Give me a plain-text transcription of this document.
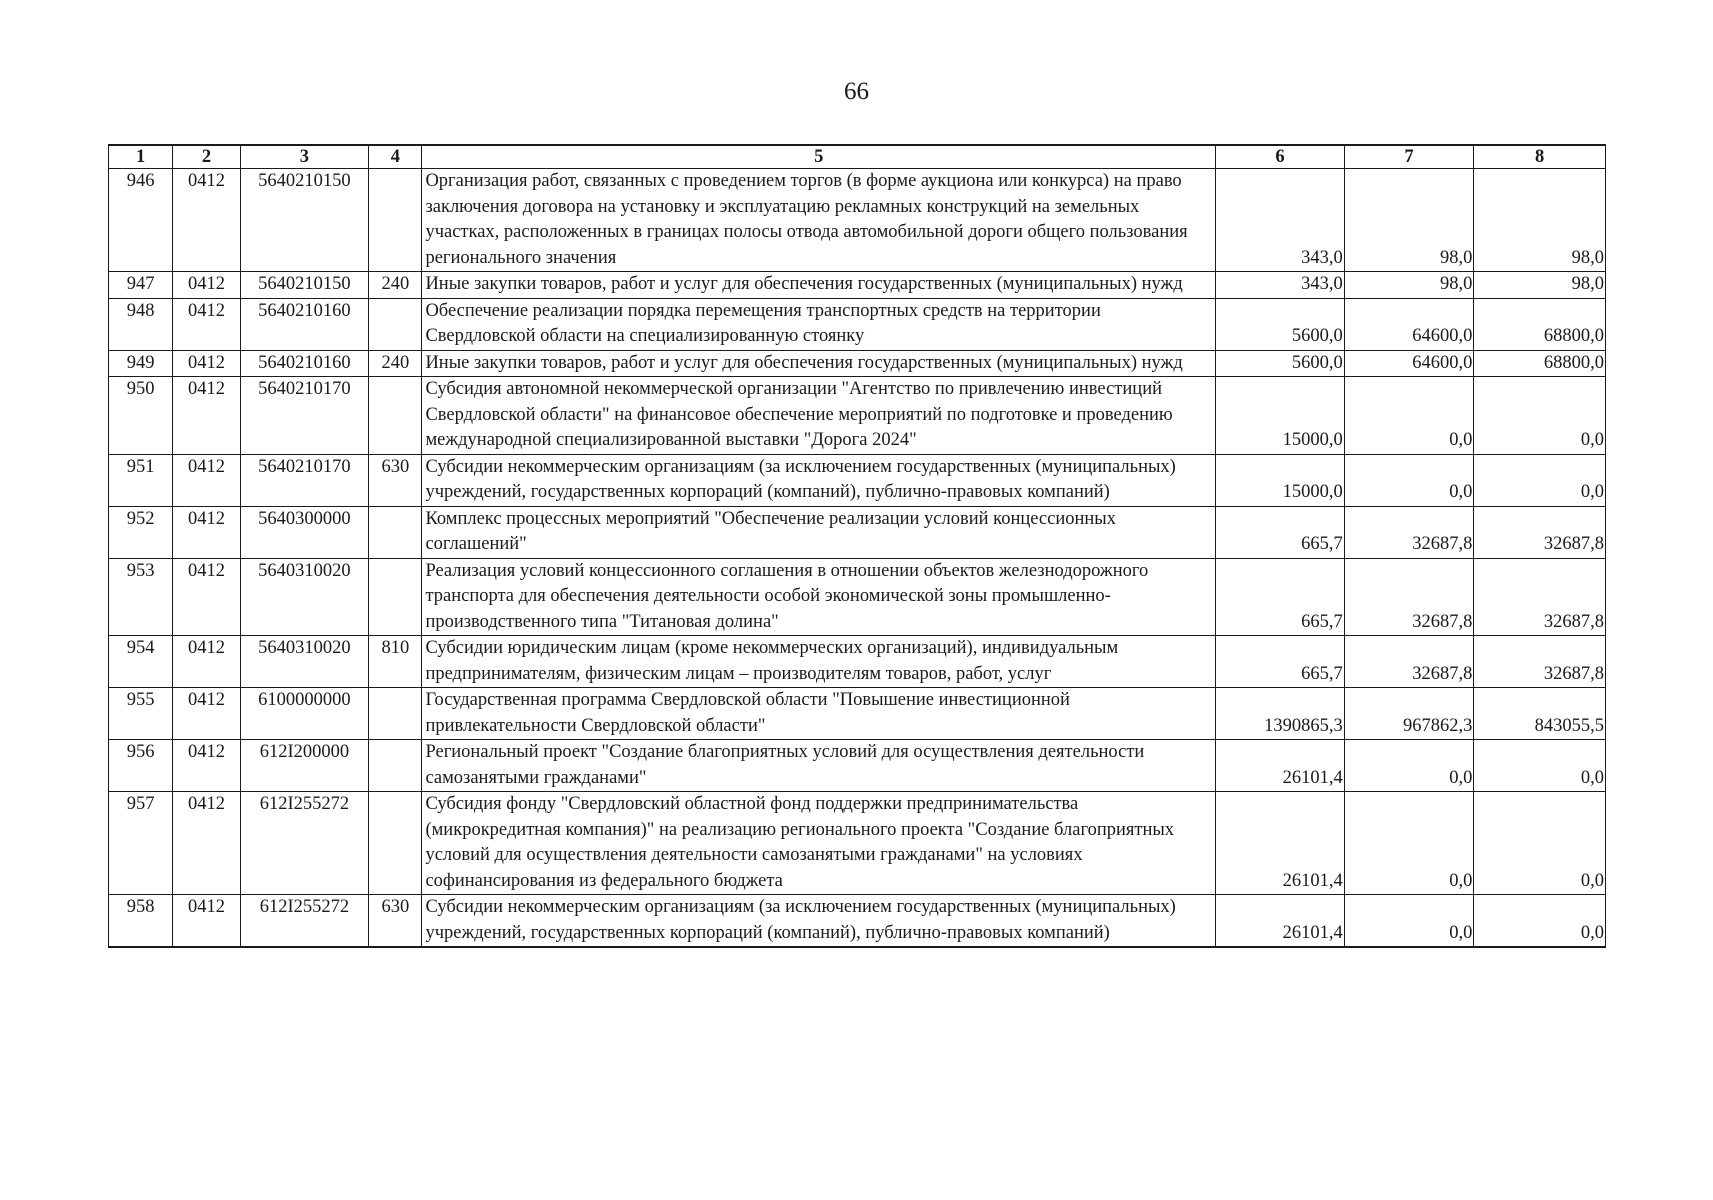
66
1	2	3	4	5	6	7	8
946	0412	5640210150		Организация работ, связанных с проведением торгов (в форме аукциона или конкурса) на право заключения договора на установку и эксплуатацию рекламных конструкций на земельных участках, расположенных в границах полосы отвода автомобильной дороги общего пользования регионального значения	343,0	98,0	98,0
947	0412	5640210150	240	Иные закупки товаров, работ и услуг для обеспечения государственных (муниципальных) нужд	343,0	98,0	98,0
948	0412	5640210160		Обеспечение реализации порядка перемещения транспортных средств на территории Свердловской области на специализированную стоянку	5600,0	64600,0	68800,0
949	0412	5640210160	240	Иные закупки товаров, работ и услуг для обеспечения государственных (муниципальных) нужд	5600,0	64600,0	68800,0
950	0412	5640210170		Субсидия автономной некоммерческой организации "Агентство по привлечению инвестиций Свердловской области" на финансовое обеспечение мероприятий по подготовке и проведению международной специализированной выставки "Дорога 2024"	15000,0	0,0	0,0
951	0412	5640210170	630	Субсидии некоммерческим организациям (за исключением государственных (муниципальных) учреждений, государственных корпораций (компаний), публично-правовых компаний)	15000,0	0,0	0,0
952	0412	5640300000		Комплекс процессных мероприятий "Обеспечение реализации условий концессионных соглашений"	665,7	32687,8	32687,8
953	0412	5640310020		Реализация условий концессионного соглашения в отношении объектов железнодорожного транспорта для обеспечения деятельности особой экономической зоны промышленно-производственного типа "Титановая долина"	665,7	32687,8	32687,8
954	0412	5640310020	810	Субсидии юридическим лицам (кроме некоммерческих организаций), индивидуальным предпринимателям, физическим лицам – производителям товаров, работ, услуг	665,7	32687,8	32687,8
955	0412	6100000000		Государственная программа Свердловской области "Повышение инвестиционной привлекательности Свердловской области"	1390865,3	967862,3	843055,5
956	0412	612I200000		Региональный проект "Создание благоприятных условий для осуществления деятельности самозанятыми гражданами"	26101,4	0,0	0,0
957	0412	612I255272		Субсидия фонду "Свердловский областной фонд поддержки предпринимательства (микрокредитная компания)" на реализацию регионального проекта "Создание благоприятных условий для осуществления деятельности самозанятыми гражданами" на условиях софинансирования из федерального бюджета	26101,4	0,0	0,0
958	0412	612I255272	630	Субсидии некоммерческим организациям (за исключением государственных (муниципальных) учреждений, государственных корпораций (компаний), публично-правовых компаний)	26101,4	0,0	0,0
